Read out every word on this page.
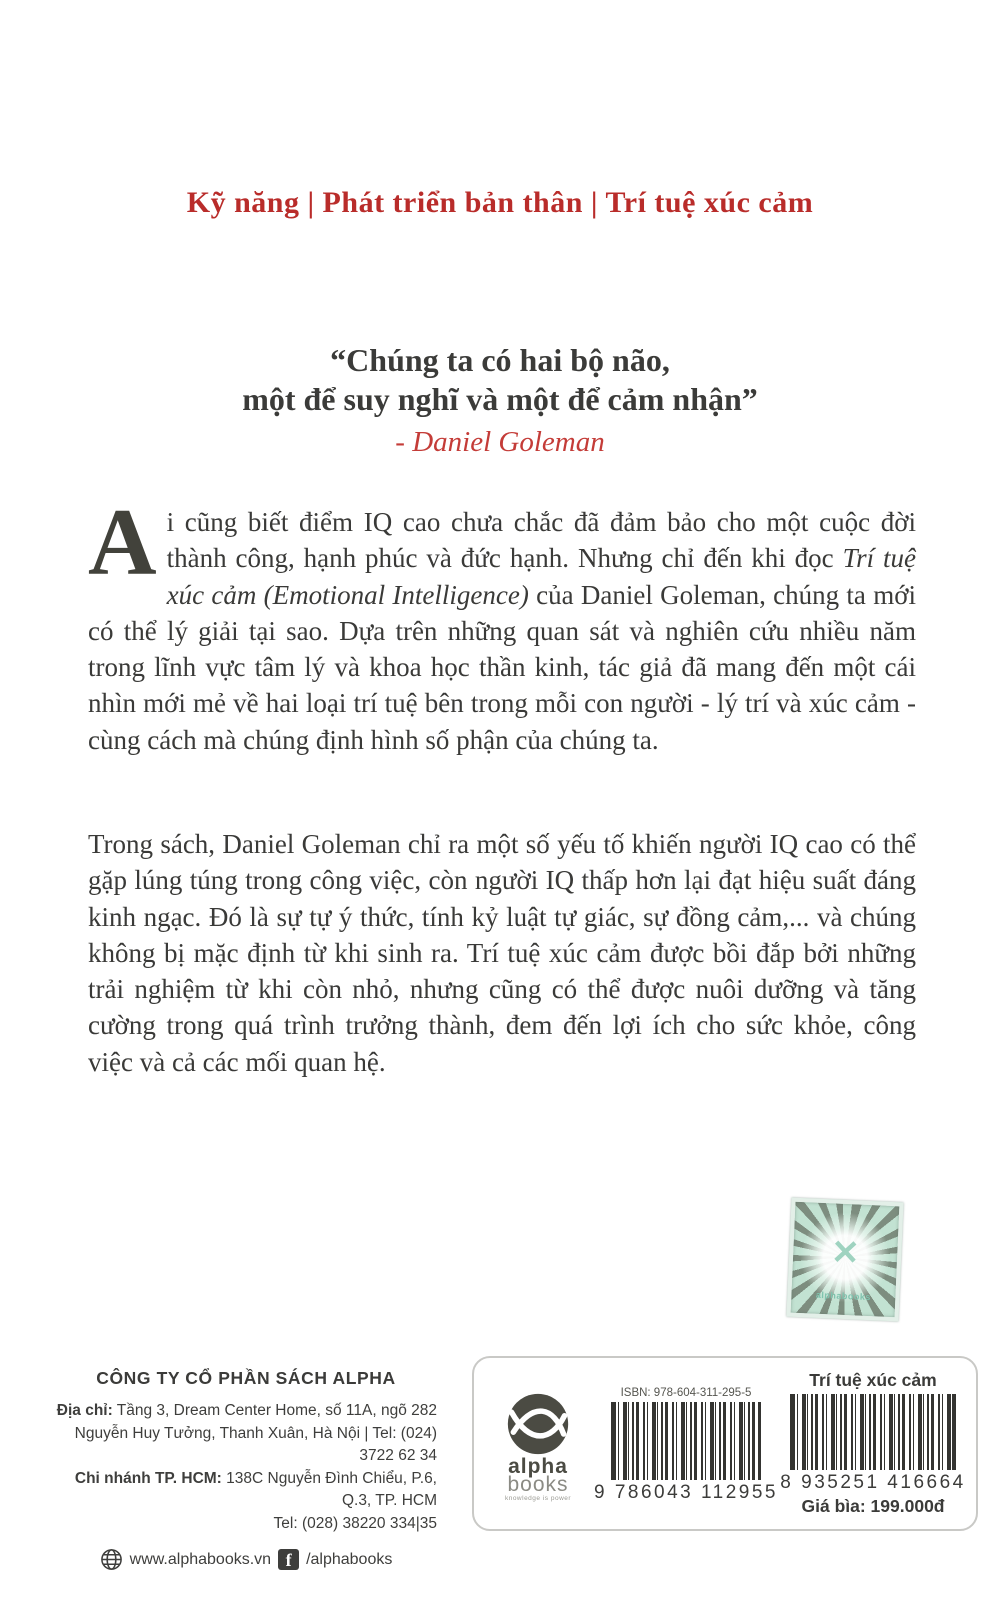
Kỹ năng | Phát triển bản thân | Trí tuệ xúc cảm
“Chúng ta có hai bộ não,
một để suy nghĩ và một để cảm nhận”
- Daniel Goleman

Ai cũng biết điểm IQ cao chưa chắc đã đảm bảo cho một cuộc đời thành công, hạnh phúc và đức hạnh. Nhưng chỉ đến khi đọc Trí tuệ xúc cảm (Emotional Intelligence) của Daniel Goleman, chúng ta mới có thể lý giải tại sao. Dựa trên những quan sát và nghiên cứu nhiều năm trong lĩnh vực tâm lý và khoa học thần kinh, tác giả đã mang đến một cái nhìn mới mẻ về hai loại trí tuệ bên trong mỗi con người - lý trí và xúc cảm - cùng cách mà chúng định hình số phận của chúng ta.

Trong sách, Daniel Goleman chỉ ra một số yếu tố khiến người IQ cao có thể gặp lúng túng trong công việc, còn người IQ thấp hơn lại đạt hiệu suất đáng kinh ngạc. Đó là sự tự ý thức, tính kỷ luật tự giác, sự đồng cảm,... và chúng không bị mặc định từ khi sinh ra. Trí tuệ xúc cảm được bồi đắp bởi những trải nghiệm từ khi còn nhỏ, nhưng cũng có thể được nuôi dưỡng và tăng cường trong quá trình trưởng thành, đem đến lợi ích cho sức khỏe, công việc và cả các mối quan hệ.

✕
alphabooks
CÔNG TY CỔ PHẦN SÁCH ALPHA
Địa chỉ: Tầng 3, Dream Center Home, số 11A, ngõ 282
Nguyễn Huy Tưởng, Thanh Xuân, Hà Nội | Tel: (024) 3722 62 34
Chi nhánh TP. HCM: 138C Nguyễn Đình Chiểu, P.6, Q.3, TP. HCM
Tel: (028) 38220 334|35
www.alphabooks.vn f /alphabooks
alpha
books
knowledge is power
ISBN: 978-604-311-295-5
9 786043 112955
Trí tuệ xúc cảm
8 935251 416664
Giá bìa: 199.000đ
